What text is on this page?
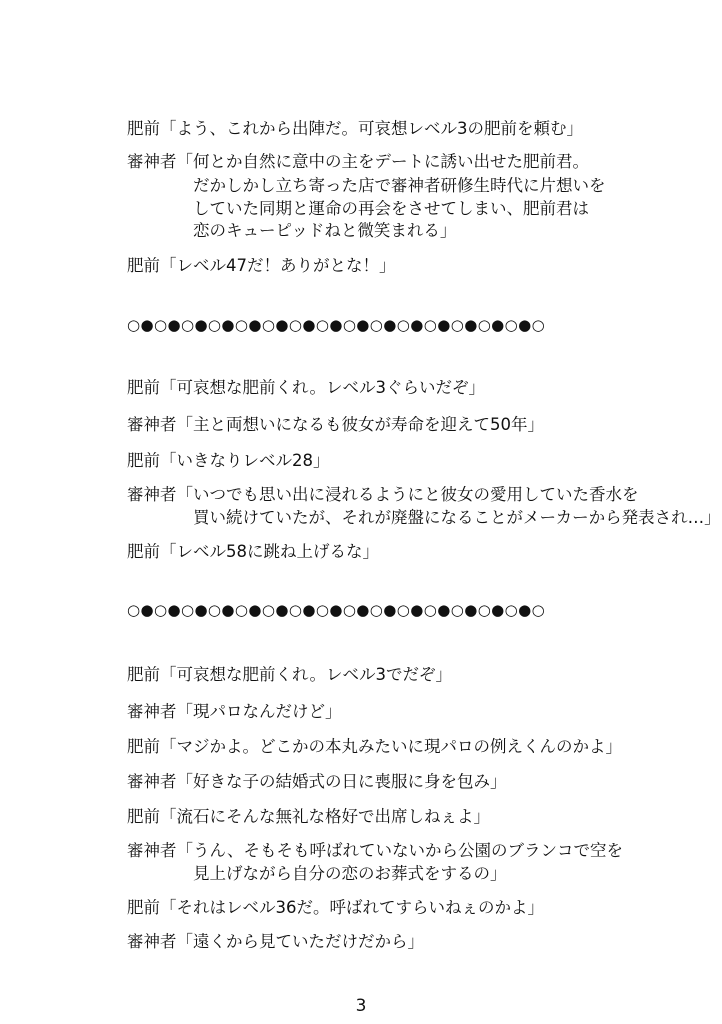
肥前「よう、これから出陣だ。可哀想レベル3の肥前を頼む」
審神者「何とか自然に意中の主をデートに誘い出せた肥前君。
だかしかし立ち寄った店で審神者研修生時代に片想いを
していた同期と運命の再会をさせてしまい、肥前君は
恋のキューピッドねと微笑まれる」
肥前「レベル47だ！ありがとな！」
○●○●○●○●○●○●○●○●○●○●○●○●○●○●○●○
肥前「可哀想な肥前くれ。レベル3ぐらいだぞ」
審神者「主と両想いになるも彼女が寿命を迎えて50年」
肥前「いきなりレベル28」
審神者「いつでも思い出に浸れるようにと彼女の愛用していた香水を
買い続けていたが、それが廃盤になることがメーカーから発表され…」
肥前「レベル58に跳ね上げるな」
○●○●○●○●○●○●○●○●○●○●○●○●○●○●○●○
肥前「可哀想な肥前くれ。レベル3でだぞ」
審神者「現パロなんだけど」
肥前「マジかよ。どこかの本丸みたいに現パロの例えくんのかよ」
審神者「好きな子の結婚式の日に喪服に身を包み」
肥前「流石にそんな無礼な格好で出席しねぇよ」
審神者「うん、そもそも呼ばれていないから公園のブランコで空を
見上げながら自分の恋のお葬式をするの」
肥前「それはレベル36だ。呼ばれてすらいねぇのかよ」
審神者「遠くから見ていただけだから」
3
